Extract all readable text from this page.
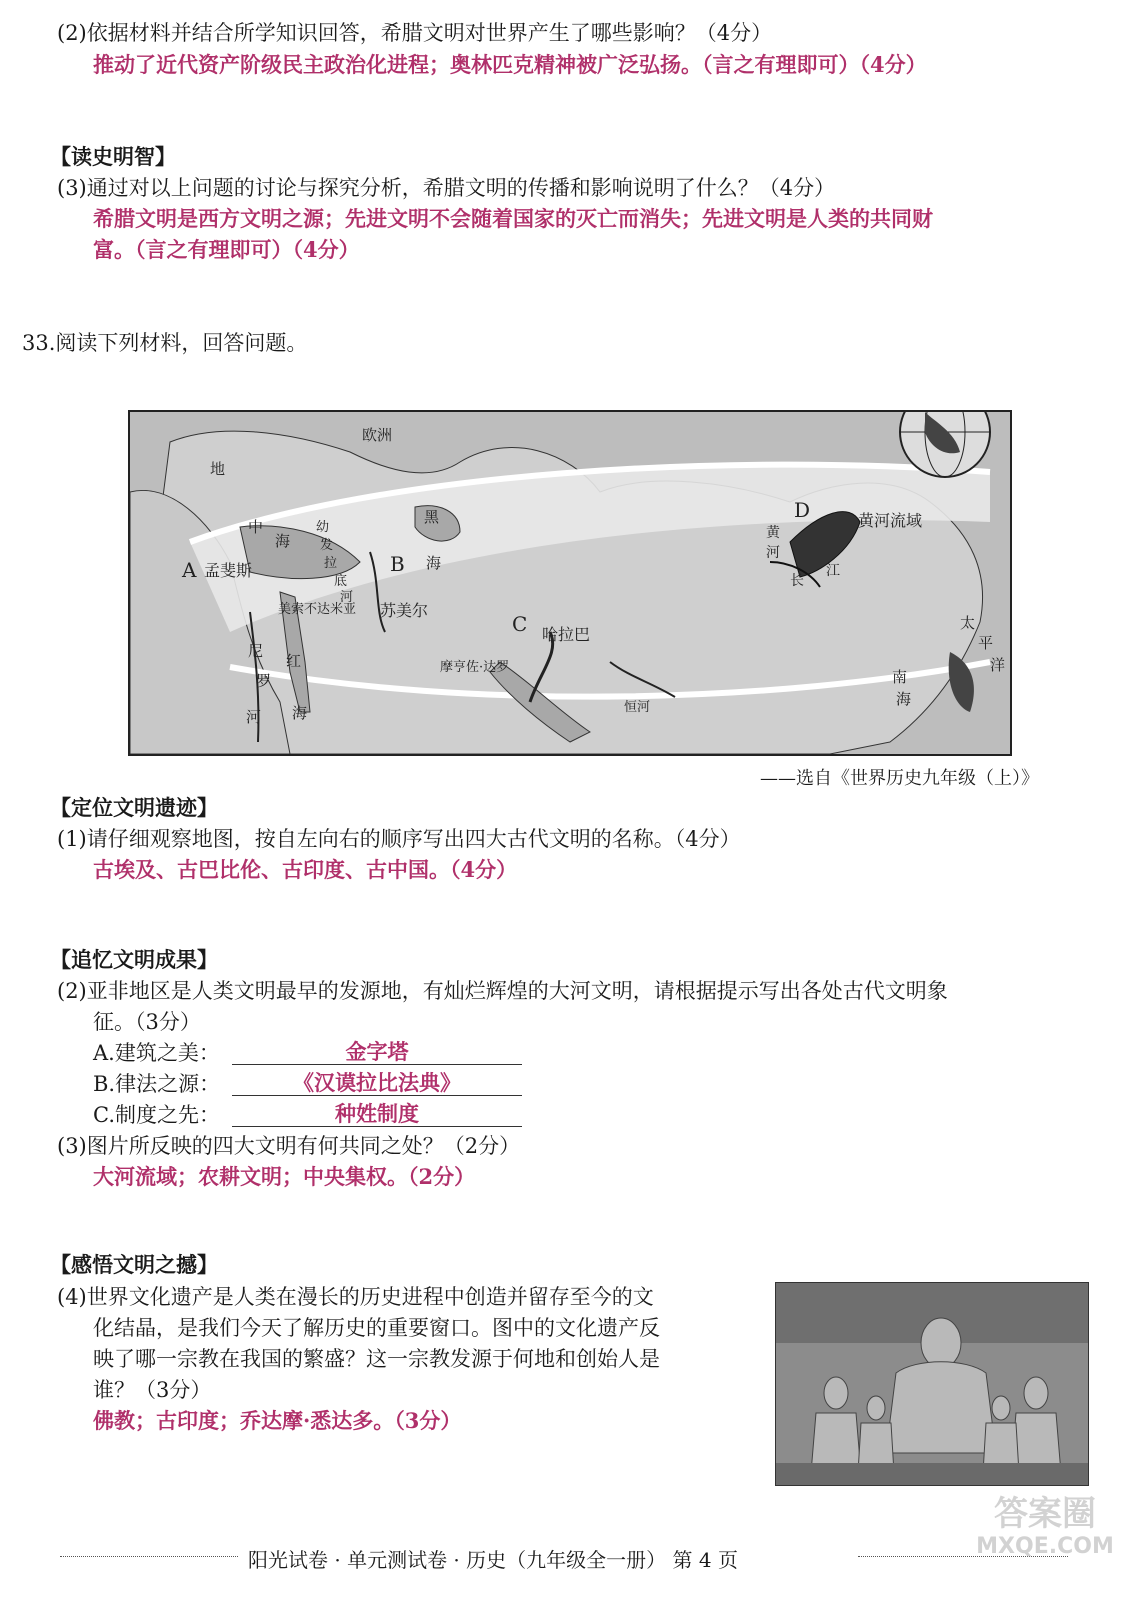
(2)依据材料并结合所学知识回答，希腊文明对世界产生了哪些影响？（4分）
推动了近代资产阶级民主政治化进程；奥林匹克精神被广泛弘扬。（言之有理即可）（4分）
【读史明智】
(3)通过对以上问题的讨论与探究分析，希腊文明的传播和影响说明了什么？（4分）
希腊文明是西方文明之源；先进文明不会随着国家的灭亡而消失；先进文明是人类的共同财
富。（言之有理即可）（4分）
33.阅读下列材料，回答问题。
欧洲
地
中
海
幼
发
拉
底
河
黑
海
A 孟斐斯	B
美索不达米亚 苏美尔
C 哈拉巴
摩亨佐·达罗
尼
罗
河
红
海	恒河
D	黄河流域
黄
河
长
江
太
平
洋
南
海
——选自《世界历史九年级（上）》
【定位文明遗迹】
(1)请仔细观察地图，按自左向右的顺序写出四大古代文明的名称。（4分）
古埃及、古巴比伦、古印度、古中国。（4分）
【追忆文明成果】
(2)亚非地区是人类文明最早的发源地，有灿烂辉煌的大河文明，请根据提示写出各处古代文明象
征。（3分）
A.建筑之美：	金字塔
B.律法之源：	《汉谟拉比法典》
C.制度之先：	种姓制度
(3)图片所反映的四大文明有何共同之处？（2分）
大河流域；农耕文明；中央集权。（2分）
【感悟文明之撼】
(4)世界文化遗产是人类在漫长的历史进程中创造并留存至今的文
化结晶，是我们今天了解历史的重要窗口。图中的文化遗产反
映了哪一宗教在我国的繁盛？这一宗教发源于何地和创始人是
谁？（3分）
佛教；古印度；乔达摩·悉达多。（3分）
阳光试卷 · 单元测试卷 · 历史（九年级全一册） 第 4 页
答案圈
MXQE.COM
